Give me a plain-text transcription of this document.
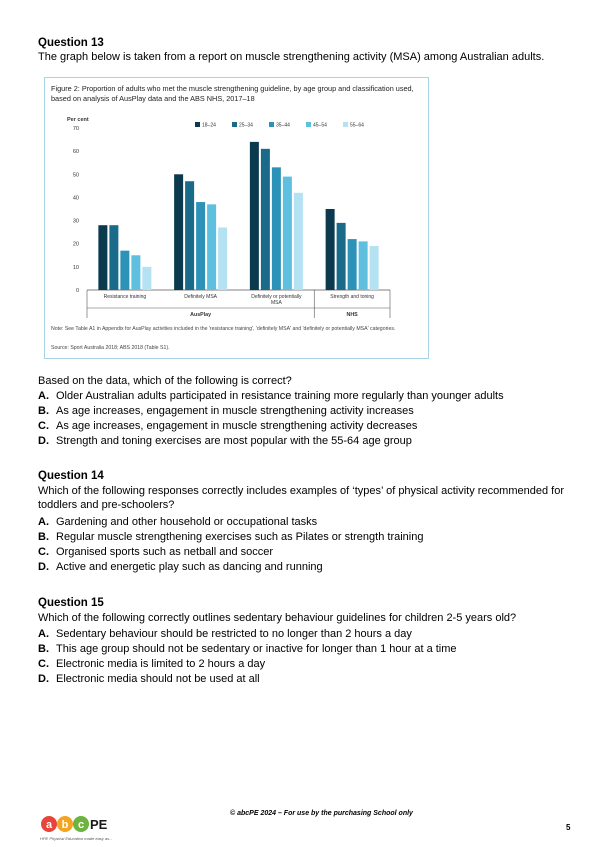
Question 13
The graph below is taken from a report on muscle strengthening activity (MSA) among Australian adults.
Figure 2: Proportion of adults who met the muscle strengthening guideline, by age group and classification used, based on analysis of AusPlay data and the ABS NHS, 2017–18
Per cent
0
10
20
30
40
50
60
70
18–24	25–34	35–44	45–54	55–64
Resistance training	Definitely MSA	Definitely or potentially
MSA
Strength and toning
AusPlay	NHS
Note: See Table A1 in Appendix for AusPlay activities included in the 'resistance training', 'definitely MSA' and 'definitely or potentially MSA' categories.
Source: Sport Australia 2018; ABS 2018 (Table S1).
Based on the data, which of the following is correct?
A. Older Australian adults participated in resistance training more regularly than younger adults
B. As age increases, engagement in muscle strengthening activity increases
C. As age increases, engagement in muscle strengthening activity decreases
D. Strength and toning exercises are most popular with the 55-64 age group
Question 14
Which of the following responses correctly includes examples of ‘types’ of physical activity recommended for toddlers and pre-schoolers?
A. Gardening and other household or occupational tasks
B. Regular muscle strengthening exercises such as Pilates or strength training
C. Organised sports such as netball and soccer
D. Active and energetic play such as dancing and running
Question 15
Which of the following correctly outlines sedentary behaviour guidelines for children 2-5 years old?
A. Sedentary behaviour should be restricted to no longer than 2 hours a day
B. This age group should not be sedentary or inactive for longer than 1 hour at a time
C. Electronic media is limited to 2 hours a day
D. Electronic media should not be used at all
a b c PE
HPE Physical Education made easy as...
© abcPE 2024 – For use by the purchasing School only
5
